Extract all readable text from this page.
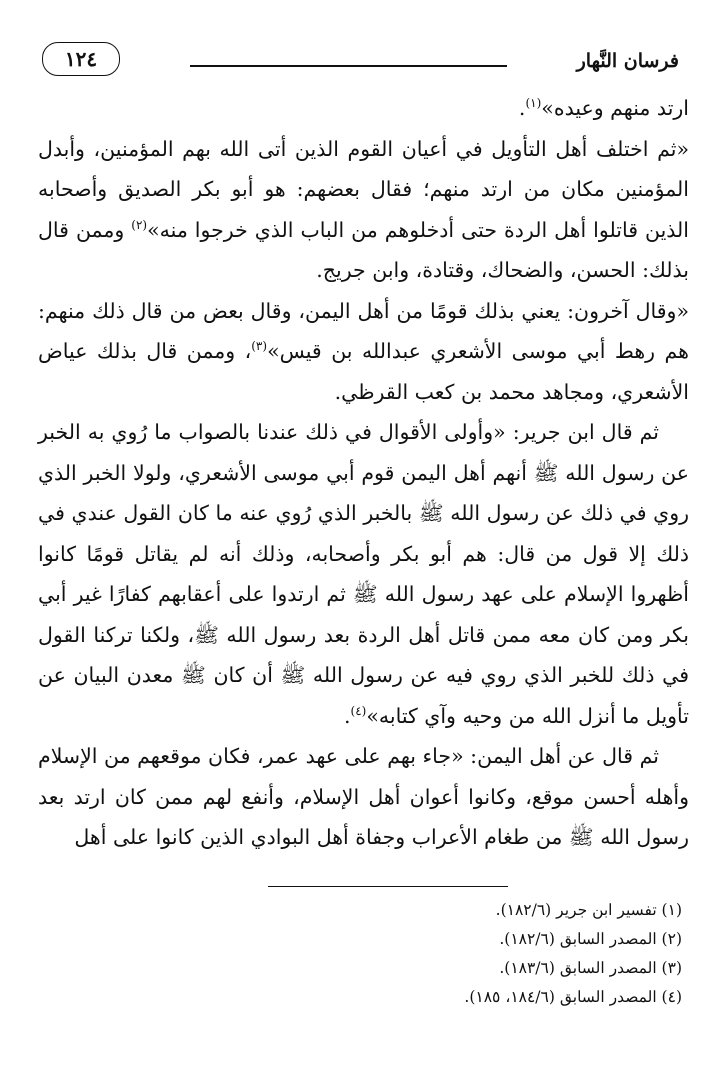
فرسان النَّهار
١٢٤

ارتد منهم وعيده»$^{(١)}$.

«ثم اختلف أهل التأويل في أعيان القوم الذين أتى الله بهم المؤمنين، وأبدل المؤمنين مكان من ارتد منهم؛ فقال بعضهم: هو أبو بكر الصديق وأصحابه الذين قاتلوا أهل الردة حتى أدخلوهم من الباب الذي خرجوا منه»$^{(٢)}$ وممن قال بذلك: الحسن، والضحاك، وقتادة، وابن جريج.

«وقال آخرون: يعني بذلك قومًا من أهل اليمن، وقال بعض من قال ذلك منهم: هم رهط أبي موسى الأشعري عبدالله بن قيس»$^{(٣)}$، وممن قال بذلك عياض الأشعري، ومجاهد محمد بن كعب القرظي.

ثم قال ابن جرير: «وأولى الأقوال في ذلك عندنا بالصواب ما رُوي به الخبر عن رسول الله ﷺ أنهم أهل اليمن قوم أبي موسى الأشعري، ولولا الخبر الذي روي في ذلك عن رسول الله ﷺ بالخبر الذي رُوي عنه ما كان القول عندي في ذلك إلا قول من قال: هم أبو بكر وأصحابه، وذلك أنه لم يقاتل قومًا كانوا أظهروا الإسلام على عهد رسول الله ﷺ ثم ارتدوا على أعقابهم كفارًا غير أبي بكر ومن كان معه ممن قاتل أهل الردة بعد رسول الله ﷺ، ولكنا تركنا القول في ذلك للخبر الذي روي فيه عن رسول الله ﷺ أن كان ﷺ معدن البيان عن تأويل ما أنزل الله من وحيه وآي كتابه»$^{(٤)}$.

ثم قال عن أهل اليمن: «جاء بهم على عهد عمر، فكان موقعهم من الإسلام وأهله أحسن موقع، وكانوا أعوان أهل الإسلام، وأنفع لهم ممن كان ارتد بعد رسول الله ﷺ من طغام الأعراب وجفاة أهل البوادي الذين كانوا على أهل

(١) تفسير ابن جرير (١٨٢/٦).
(٢) المصدر السابق (١٨٢/٦).
(٣) المصدر السابق (١٨٣/٦).
(٤) المصدر السابق (١٨٤/٦، ١٨٥).
